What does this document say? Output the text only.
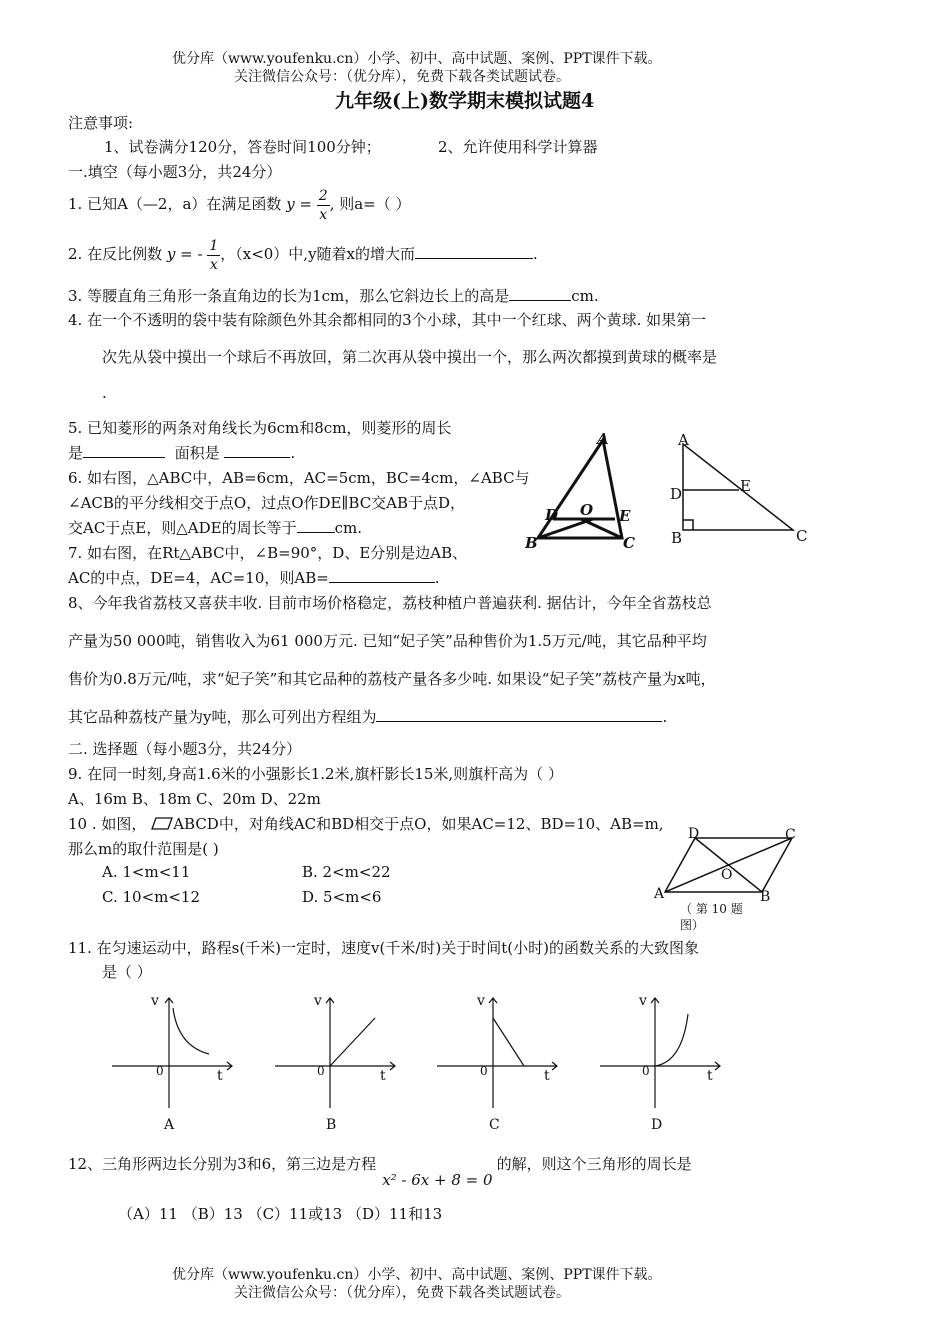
优分库（www.youfenku.cn）小学、初中、高中试题、案例、PPT课件下载。
关注微信公众号：（优分库），免费下载各类试题试卷。
九年级(上)数学期末模拟试题4
注意事项:
1、试卷满分120分，答卷时间100分钟；	2、允许使用科学计算器
一.填空（每小题3分，共24分）
1. 已知A（—2，a）在满足函数 $y = \frac{2}{x}$ , 则a=（ ）
2. 在反比例数 y = - $\frac{1}{x}$ ，（x<0）中,y随着x的增大而	.
3. 等腰直角三角形一条直角边的长为1cm，那么它斜边长上的高是	cm.
4. 在一个不透明的袋中装有除颜色外其余都相同的3个小球，其中一个红球、两个黄球. 如果第一
次先从袋中摸出一个球后不再放回，第二次再从袋中摸出一个，那么两次都摸到黄球的概率是
.
5. 已知菱形的两条对角线长为6cm和8cm，则菱形的周长
是	面积是	.
6. 如右图，△ABC中，AB=6cm，AC=5cm，BC=4cm，∠ABC与
∠ACB的平分线相交于点O，过点O作DE∥BC交AB于点D，
交AC于点E，则△ADE的周长等于	cm.
7. 如右图，在Rt△ABC中，∠B=90°，D、E分别是边AB、
AC的中点，DE=4，AC=10，则AB=	.
A
B	C
D	E
O
A
D	E
B	C
8、今年我省荔枝又喜获丰收. 目前市场价格稳定，荔枝种植户普遍获利. 据估计，今年全省荔枝总
产量为50 000吨，销售收入为61 000万元. 已知“妃子笑”品种售价为1.5万元/吨，其它品种平均
售价为0.8万元/吨，求“妃子笑”和其它品种的荔枝产量各多少吨. 如果设“妃子笑”荔枝产量为x吨，
其它品种荔枝产量为y吨，那么可列出方程组为	.
二. 选择题（每小题3分，共24分）
9. 在同一时刻,身高1.6米的小强影长1.2米,旗杆影长15米,则旗杆高为（ ）
A、16m B、18m C、20m D、22m
10 . 如图， ABCD中，对角线AC和BD相交于点O，如果AC=12、BD=10、AB=m,
那么m的取什范围是( )
A. 1<m<11	B. 2<m<22
C. 10<m<12	D. 5<m<6
D	C
A	B
O
（ 第 10 题
图）
11. 在匀速运动中，路程s(千米)一定时，速度v(千米/时)关于时间t(小时)的函数关系的大致图象
是（ ）
v
t
0
A
v
t
0
B
v
t
0
C
v
t
0
D
12、三角形两边长分别为3和6，第三边是方程x² - 6x + 8 = 0的解，则这个三角形的周长是
（A）11 （B）13 （C）11或13 （D）11和13
优分库（www.youfenku.cn）小学、初中、高中试题、案例、PPT课件下载。
关注微信公众号：（优分库），免费下载各类试题试卷。
